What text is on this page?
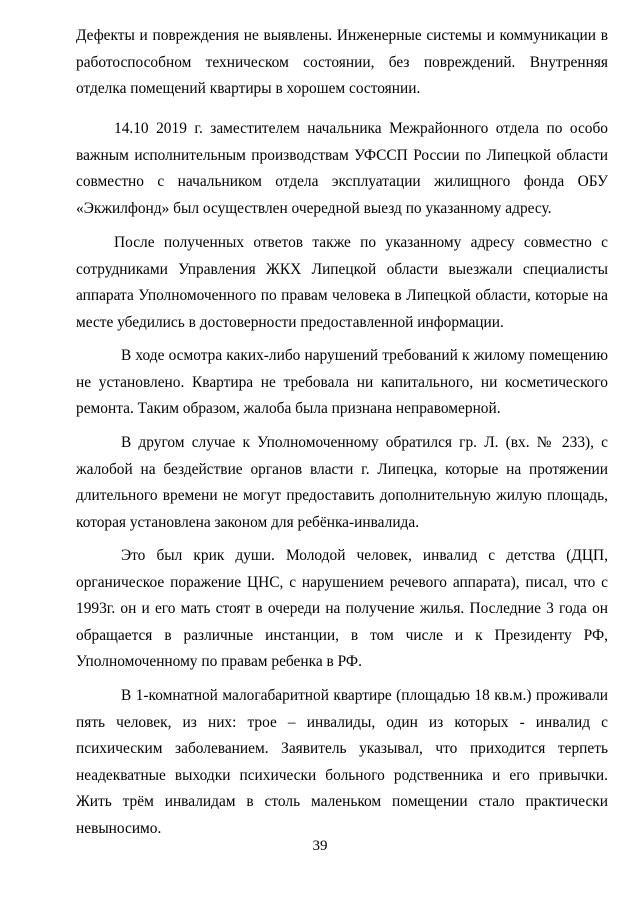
Дефекты и повреждения не выявлены. Инженерные системы и коммуникации в работоспособном техническом состоянии, без повреждений. Внутренняя отделка помещений квартиры в хорошем состоянии.

14.10 2019 г. заместителем начальника Межрайонного отдела по особо важным исполнительным производствам УФССП России по Липецкой области совместно с начальником отдела эксплуатации жилищного фонда ОБУ «Экжилфонд» был осуществлен очередной выезд по указанному адресу.

После полученных ответов также по указанному адресу совместно с сотрудниками Управления ЖКХ Липецкой области выезжали специалисты аппарата Уполномоченного по правам человека в Липецкой области, которые на месте убедились в достоверности предоставленной информации.

В ходе осмотра каких-либо нарушений требований к жилому помещению не установлено. Квартира не требовала ни капитального, ни косметического ремонта. Таким образом, жалоба была признана неправомерной.

В другом случае к Уполномоченному обратился гр. Л. (вх. № 233), с жалобой на бездействие органов власти г. Липецка, которые на протяжении длительного времени не могут предоставить дополнительную жилую площадь, которая установлена законом для ребёнка-инвалида.

Это был крик души. Молодой человек, инвалид с детства (ДЦП, органическое поражение ЦНС, с нарушением речевого аппарата), писал, что с 1993г. он и его мать стоят в очереди на получение жилья. Последние 3 года он обращается в различные инстанции, в том числе и к Президенту РФ, Уполномоченному по правам ребенка в РФ.

В 1-комнатной малогабаритной квартире (площадью 18 кв.м.) проживали пять человек, из них: трое – инвалиды, один из которых - инвалид с психическим заболеванием. Заявитель указывал, что приходится терпеть неадекватные выходки психически больного родственника и его привычки. Жить трём инвалидам в столь маленьком помещении стало практически невыносимо.

39
